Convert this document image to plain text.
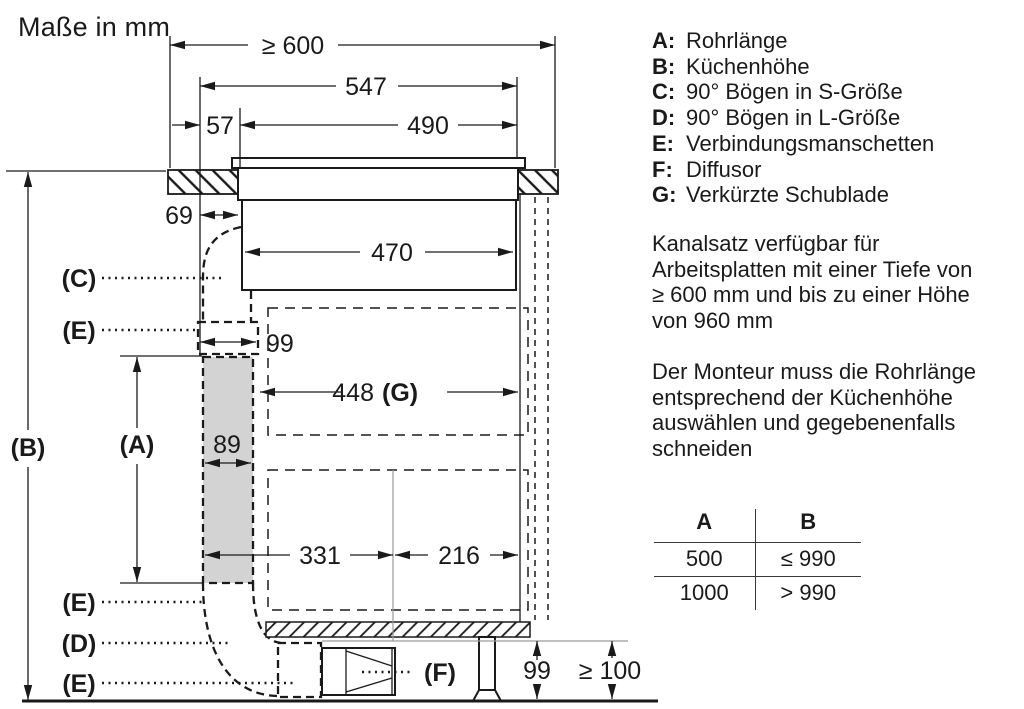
Maße in mm
≥ 600
547
57	490
69
470
99
448 (G)
89
331	216
99 ≥ 100
(A)
(B)
(C)
(E)
(E)
(D)
(E)	(F)
A: Rohrlänge
B: Küchenhöhe
C: 90° Bögen in S-Größe
D: 90° Bögen in L-Größe
E: Verbindungsmanschetten
F: Diffusor
G: Verkürzte Schublade
Kanalsatz verfügbar für
Arbeitsplatten mit einer Tiefe von
≥ 600 mm und bis zu einer Höhe
von 960 mm
Der Monteur muss die Rohrlänge
entsprechend der Küchenhöhe
auswählen und gegebenenfalls
schneiden
A	B
500	≤ 990
1000	> 990
